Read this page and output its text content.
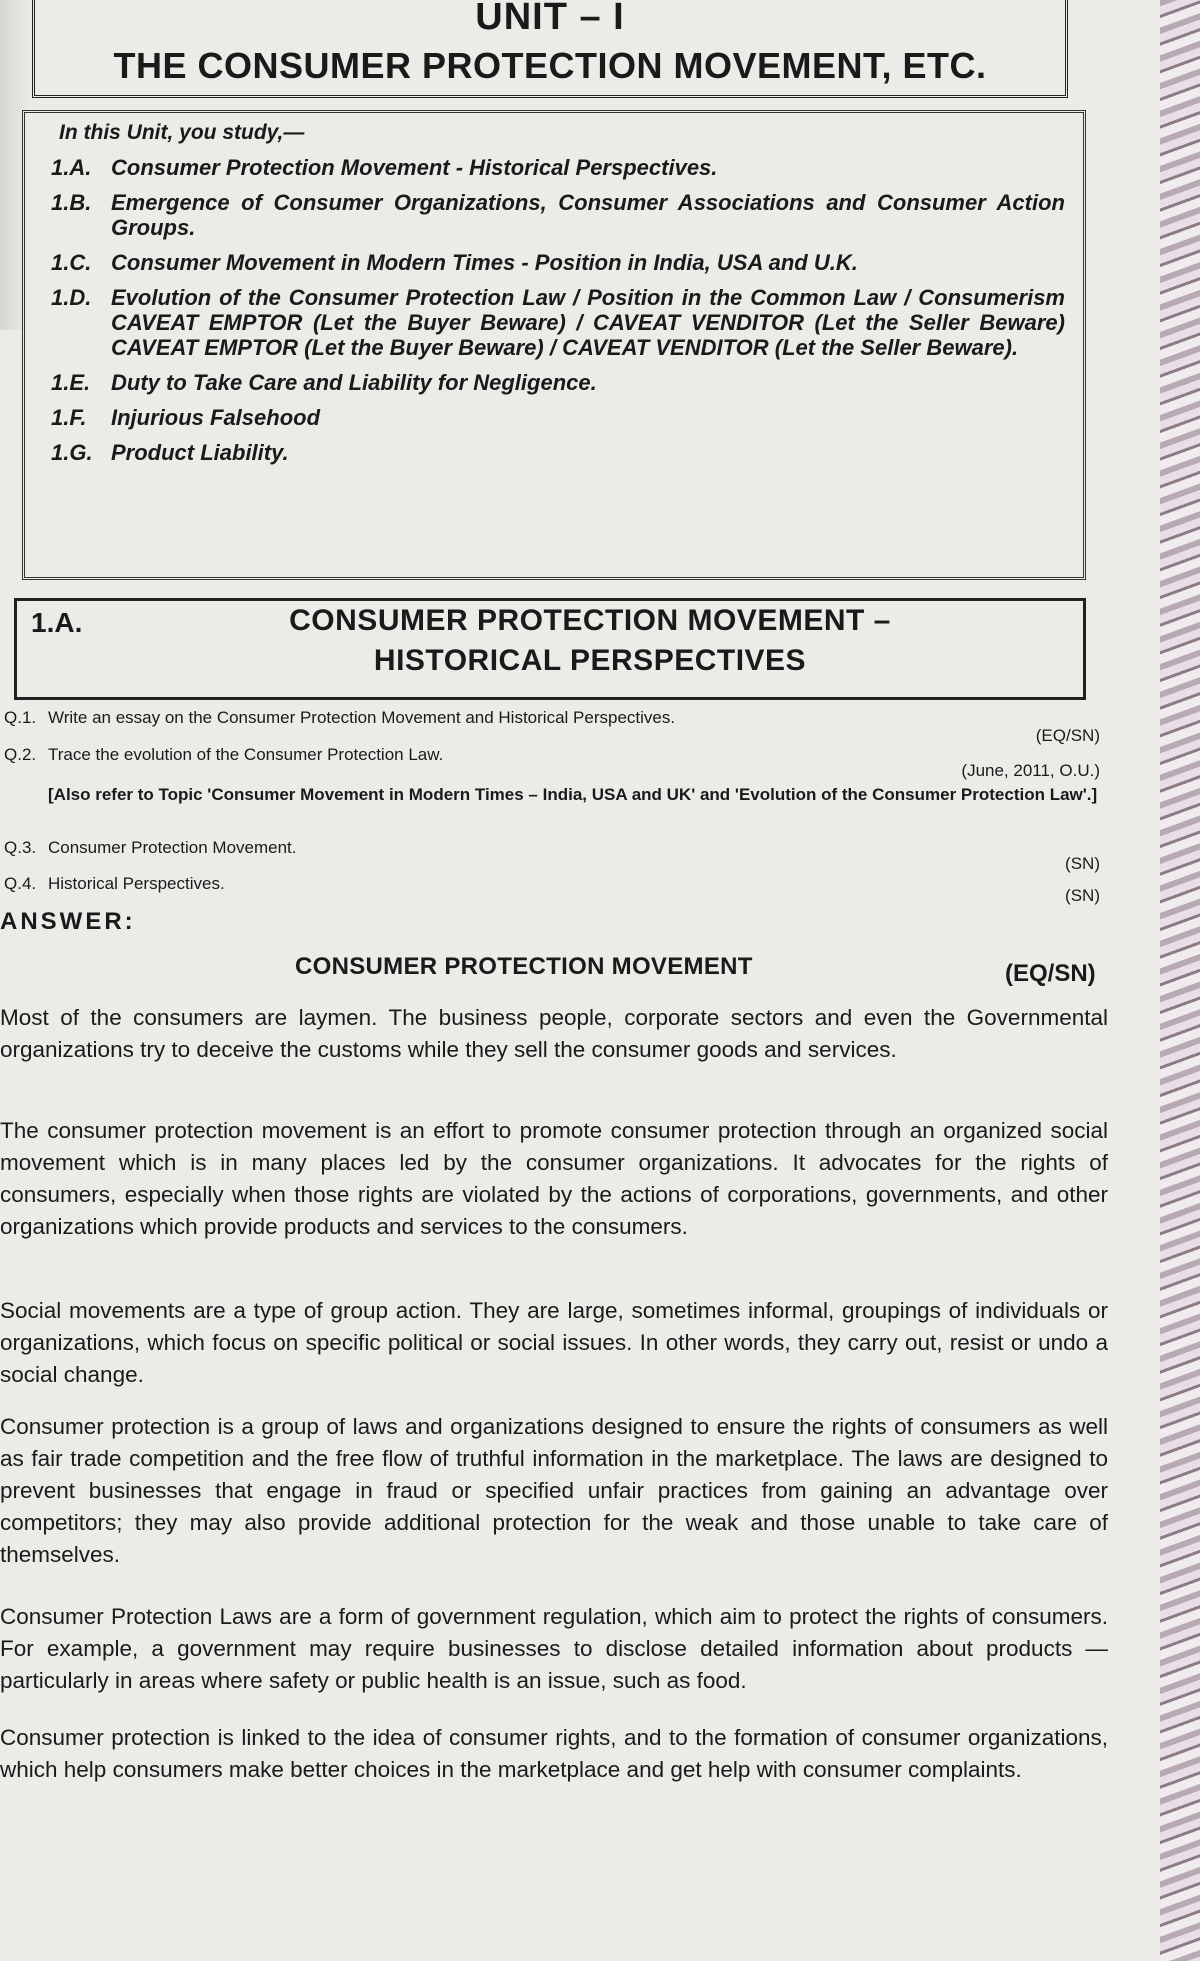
UNIT – I
THE CONSUMER PROTECTION MOVEMENT, ETC.
In this Unit, you study,—
1.A. Consumer Protection Movement - Historical Perspectives.
1.B. Emergence of Consumer Organizations, Consumer Associations and Consumer Action Groups.
1.C. Consumer Movement in Modern Times - Position in India, USA and U.K.
1.D. Evolution of the Consumer Protection Law / Position in the Common Law / Consumerism CAVEAT EMPTOR (Let the Buyer Beware) / CAVEAT VENDITOR (Let the Seller Beware) CAVEAT EMPTOR (Let the Buyer Beware) / CAVEAT VENDITOR (Let the Seller Beware).
1.E. Duty to Take Care and Liability for Negligence.
1.F.	Injurious Falsehood
1.G. Product Liability.
1.A.	CONSUMER PROTECTION MOVEMENT –
HISTORICAL PERSPECTIVES
Q.1. Write an essay on the Consumer Protection Movement and Historical Perspectives.
(EQ/SN)
Q.2. Trace the evolution of the Consumer Protection Law.
(June, 2011, O.U.)
[Also refer to Topic 'Consumer Movement in Modern Times – India, USA and UK' and 'Evolution of the Consumer Protection Law'.]
Q.3. Consumer Protection Movement.
(SN)
Q.4. Historical Perspectives.
(SN)
ANSWER:
CONSUMER PROTECTION MOVEMENT	(EQ/SN)
Most of the consumers are laymen. The business people, corporate sectors and even the Governmental organizations try to deceive the customs while they sell the consumer goods and services.
The consumer protection movement is an effort to promote consumer protection through an organized social movement which is in many places led by the consumer organizations. It advocates for the rights of consumers, especially when those rights are violated by the actions of corporations, governments, and other organizations which provide products and services to the consumers.
Social movements are a type of group action. They are large, sometimes informal, groupings of individuals or organizations, which focus on specific political or social issues. In other words, they carry out, resist or undo a social change.
Consumer protection is a group of laws and organizations designed to ensure the rights of consumers as well as fair trade competition and the free flow of truthful information in the marketplace. The laws are designed to prevent businesses that engage in fraud or specified unfair practices from gaining an advantage over competitors; they may also provide additional protection for the weak and those unable to take care of themselves.
Consumer Protection Laws are a form of government regulation, which aim to protect the rights of consumers. For example, a government may require businesses to disclose detailed information about products — particularly in areas where safety or public health is an issue, such as food.
Consumer protection is linked to the idea of consumer rights, and to the formation of consumer organizations, which help consumers make better choices in the marketplace and get help with consumer complaints.
